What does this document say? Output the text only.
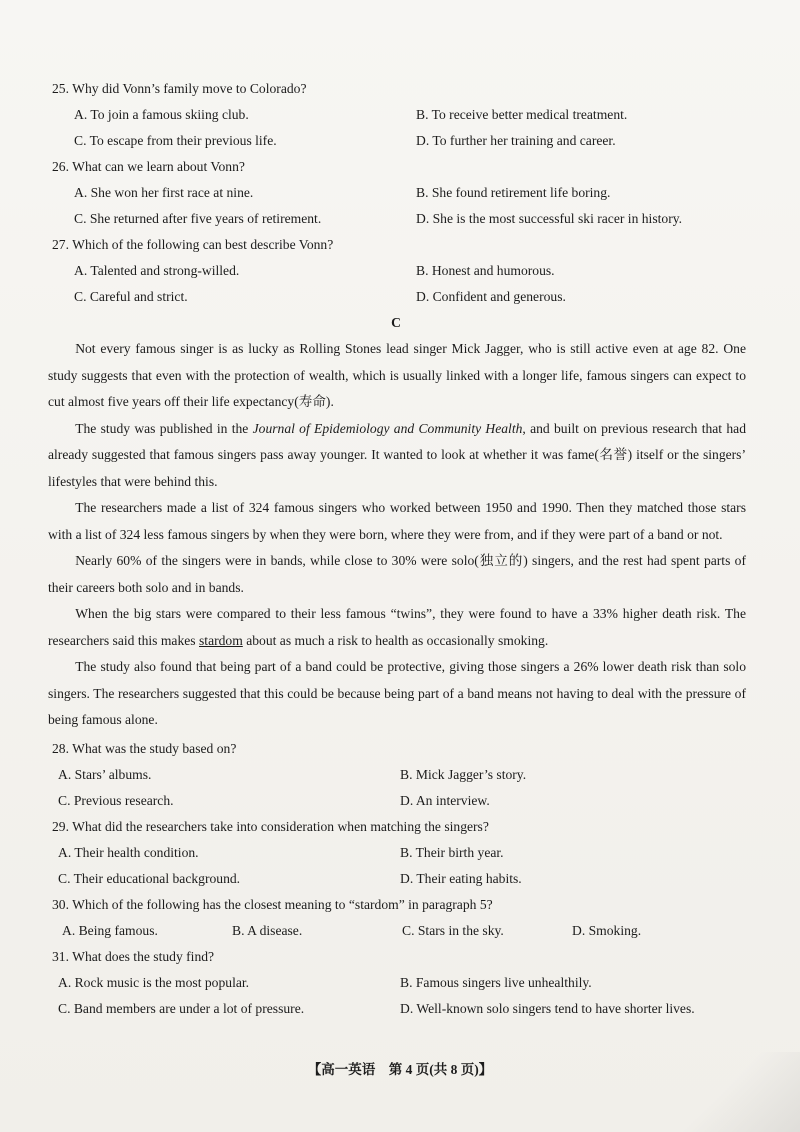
25. Why did Vonn’s family move to Colorado?
A. To join a famous skiing club.	B. To receive better medical treatment.
C. To escape from their previous life.	D. To further her training and career.
26. What can we learn about Vonn?
A. She won her first race at nine.	B. She found retirement life boring.
C. She returned after five years of retirement.	D. She is the most successful ski racer in history.
27. Which of the following can best describe Vonn?
A. Talented and strong-willed.	B. Honest and humorous.
C. Careful and strict.	D. Confident and generous.
C

Not every famous singer is as lucky as Rolling Stones lead singer Mick Jagger, who is still active even at age 82. One study suggests that even with the protection of wealth, which is usually linked with a longer life, famous singers can expect to cut almost five years off their life expectancy(寿命).

The study was published in the Journal of Epidemiology and Community Health, and built on previous research that had already suggested that famous singers pass away younger. It wanted to look at whether it was fame(名誉) itself or the singers’ lifestyles that were behind this.

The researchers made a list of 324 famous singers who worked between 1950 and 1990. Then they matched those stars with a list of 324 less famous singers by when they were born, where they were from, and if they were part of a band or not.

Nearly 60% of the singers were in bands, while close to 30% were solo(独立的) singers, and the rest had spent parts of their careers both solo and in bands.

When the big stars were compared to their less famous “twins”, they were found to have a 33% higher death risk. The researchers said this makes stardom about as much a risk to health as occasionally smoking.

The study also found that being part of a band could be protective, giving those singers a 26% lower death risk than solo singers. The researchers suggested that this could be because being part of a band means not having to deal with the pressure of being famous alone.

28. What was the study based on?
A. Stars’ albums.	B. Mick Jagger’s story.
C. Previous research.	D. An interview.
29. What did the researchers take into consideration when matching the singers?
A. Their health condition.	B. Their birth year.
C. Their educational background.	D. Their eating habits.
30. Which of the following has the closest meaning to “stardom” in paragraph 5?
A. Being famous.	B. A disease.	C. Stars in the sky.	D. Smoking.
31. What does the study find?
A. Rock music is the most popular.	B. Famous singers live unhealthily.
C. Band members are under a lot of pressure.	D. Well-known solo singers tend to have shorter lives.
【高一英语　第 4 页(共 8 页)】
